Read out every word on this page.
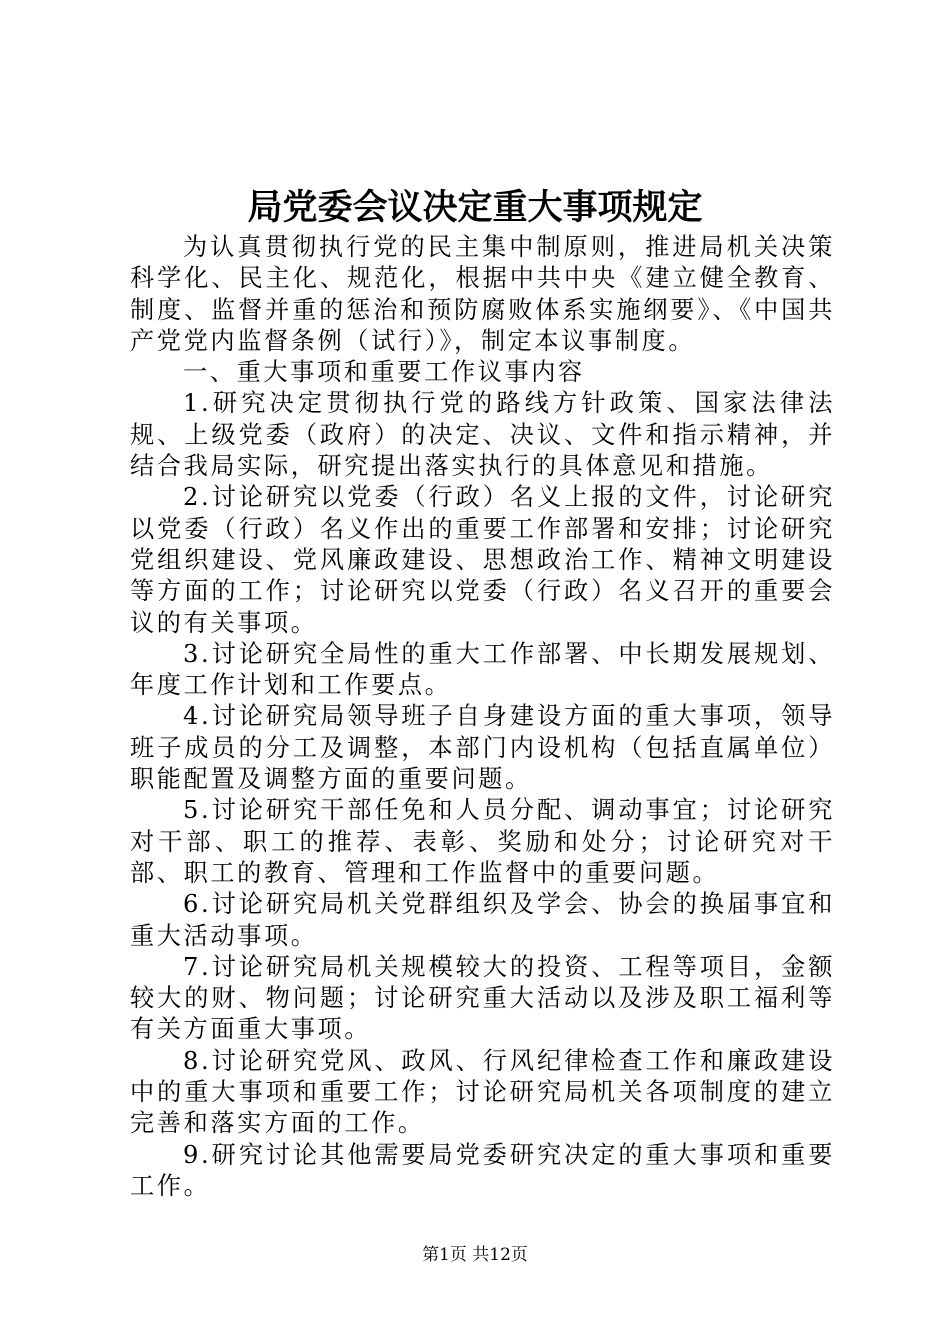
局党委会议决定重大事项规定

为认真贯彻执行党的民主集中制原则，推进局机关决策科学化、民主化、规范化，根据中共中央《建立健全教育、制度、监督并重的惩治和预防腐败体系实施纲要》、《中国共产党党内监督条例（试行）》，制定本议事制度。

一、重大事项和重要工作议事内容

1.研究决定贯彻执行党的路线方针政策、国家法律法规、上级党委（政府）的决定、决议、文件和指示精神，并结合我局实际，研究提出落实执行的具体意见和措施。

2.讨论研究以党委（行政）名义上报的文件，讨论研究以党委（行政）名义作出的重要工作部署和安排；讨论研究党组织建设、党风廉政建设、思想政治工作、精神文明建设等方面的工作；讨论研究以党委（行政）名义召开的重要会议的有关事项。

3.讨论研究全局性的重大工作部署、中长期发展规划、年度工作计划和工作要点。

4.讨论研究局领导班子自身建设方面的重大事项，领导班子成员的分工及调整，本部门内设机构（包括直属单位）职能配置及调整方面的重要问题。

5.讨论研究干部任免和人员分配、调动事宜；讨论研究对干部、职工的推荐、表彰、奖励和处分；讨论研究对干部、职工的教育、管理和工作监督中的重要问题。

6.讨论研究局机关党群组织及学会、协会的换届事宜和重大活动事项。

7.讨论研究局机关规模较大的投资、工程等项目，金额较大的财、物问题；讨论研究重大活动以及涉及职工福利等有关方面重大事项。

8.讨论研究党风、政风、行风纪律检查工作和廉政建设中的重大事项和重要工作；讨论研究局机关各项制度的建立完善和落实方面的工作。

9.研究讨论其他需要局党委研究决定的重大事项和重要工作。

第1页 共12页
